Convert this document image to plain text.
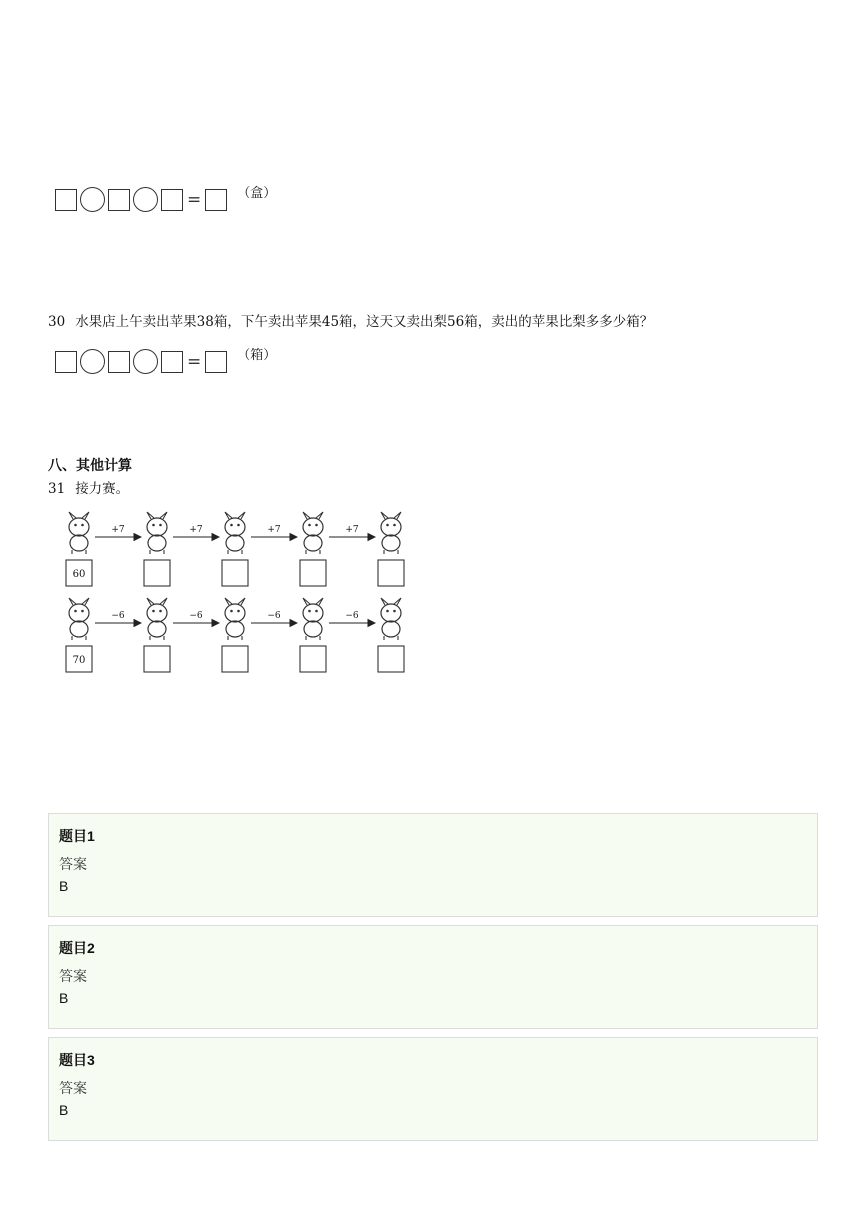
=	（盒）
30 水果店上午卖出苹果38箱，下午卖出苹果45箱，这天又卖出梨56箱，卖出的苹果比梨多多少箱？
=	（箱）
八、其他计算
31 接力赛。
+7	+7	+7	+7
60
−6	−6	−6	−6
70
题目1
答案
B
题目2
答案
B
题目3
答案
B
